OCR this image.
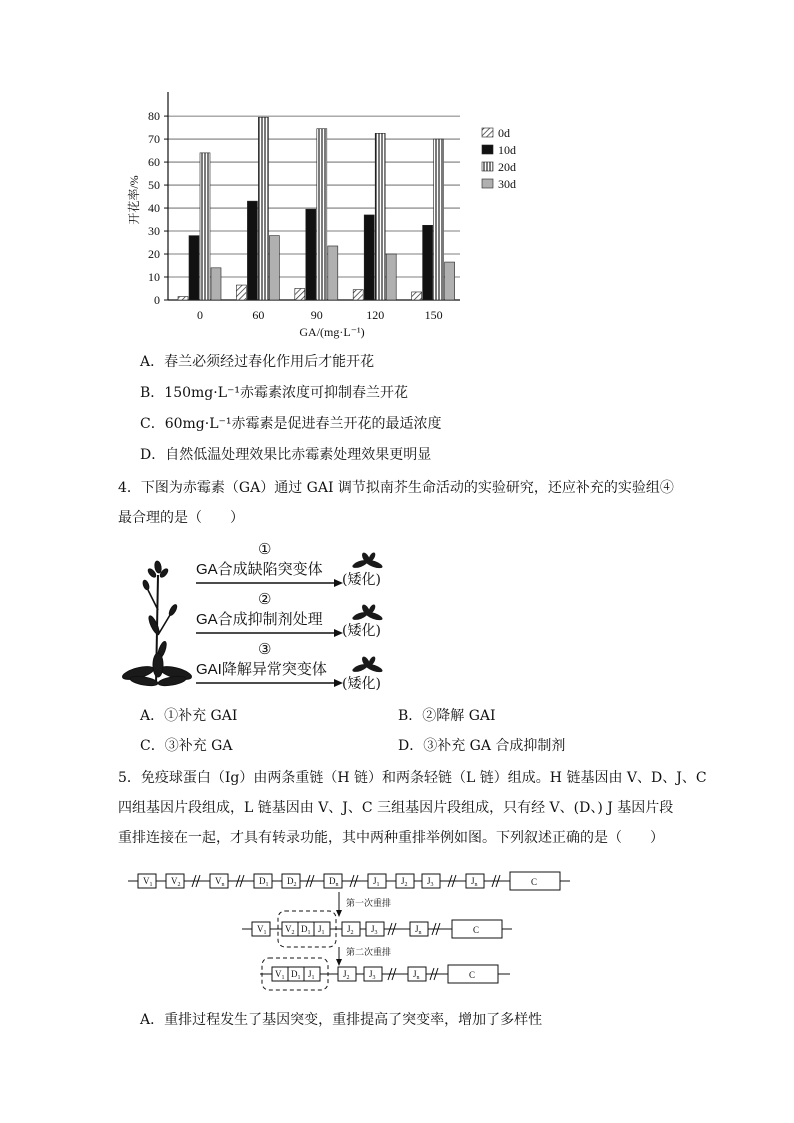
0
10
20
30
40
50
60
70
80
0	60	90	120	150
GA/(mg·L⁻¹)
开花率/%
0d
10d
20d
30d
A．春兰必须经过春化作用后才能开花
B．150mg·L⁻¹赤霉素浓度可抑制春兰开花
C．60mg·L⁻¹赤霉素是促进春兰开花的最适浓度
D．自然低温处理效果比赤霉素处理效果更明显
4．下图为赤霉素（GA）通过 GAI 调节拟南芥生命活动的实验研究，还应补充的实验组④
最合理的是（　　）
①
GA合成缺陷突变体
②
GA合成抑制剂处理
③
GAI降解异常突变体
(矮化)
(矮化)
(矮化)
A．①补充 GAI	B．②降解 GAI
C．③补充 GA	D．③补充 GA 合成抑制剂
5．免疫球蛋白（Ig）由两条重链（H 链）和两条轻链（L 链）组成。H 链基因由 V、D、J、C
四组基因片段组成，L 链基因由 V、J、C 三组基因片段组成，只有经 V、(D、) J 基因片段
重排连接在一起，才具有转录功能，其中两种重排举例如图。下列叙述正确的是（　　）
$V_1$ $V_2$	$V_n$	$D_1$ $D_2$	$D_n$	$J_1$ $J_2$ $J_3$	$J_n$	C
第一次重排
$V_1$ $V_2$ $D_1$ $J_1$ $J_2$ $J_3$	$J_n$	C
第二次重排
$V_1$ $D_1$ $J_1$	$J_2$ $J_3$	$J_n$	C
A．重排过程发生了基因突变，重排提高了突变率，增加了多样性
